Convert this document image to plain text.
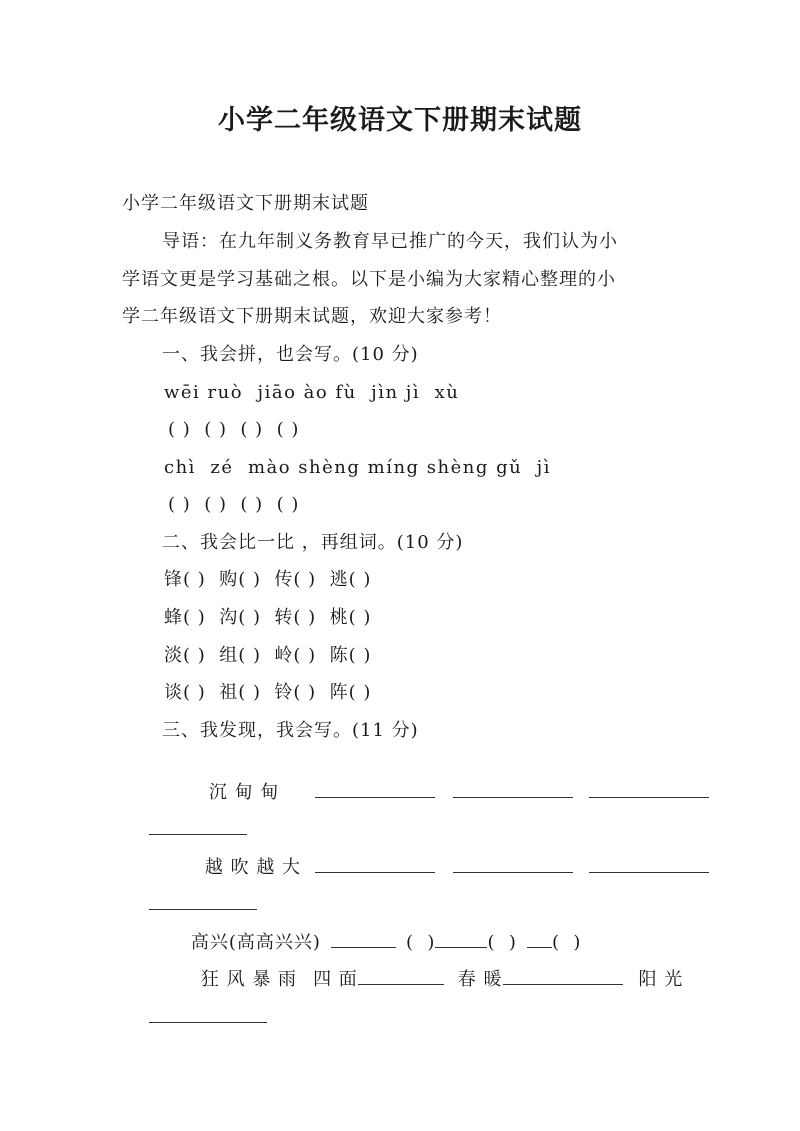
小学二年级语文下册期末试题
小学二年级语文下册期末试题
导语：在九年制义务教育早已推广的今天，我们认为小
学语文更是学习基础之根。以下是小编为大家精心整理的小
学二年级语文下册期末试题，欢迎大家参考！
一、我会拼，也会写。(10 分)
wēi ruò  jiāo ào fù  jìn jì  xù
( )  ( )  ( )  ( )
chì  zé  mào shèng míng shèng gǔ  jì
( )  ( )  ( )  ( )
二、我会比一比 ，再组词。(10 分)
锋( )  购( )  传( )  逃( )
蜂( )  沟( )  转( )  桃( )
淡( )  组( )  岭( )  陈( )
谈( )  祖( )  铃( )  阵( )
三、我发现，我会写。(11 分)

沉 甸 甸

越 吹 越 大

高兴(高高兴兴)	(  )	(  ) (  )

狂 风 暴 雨 四 面	春 暖	阳 光
